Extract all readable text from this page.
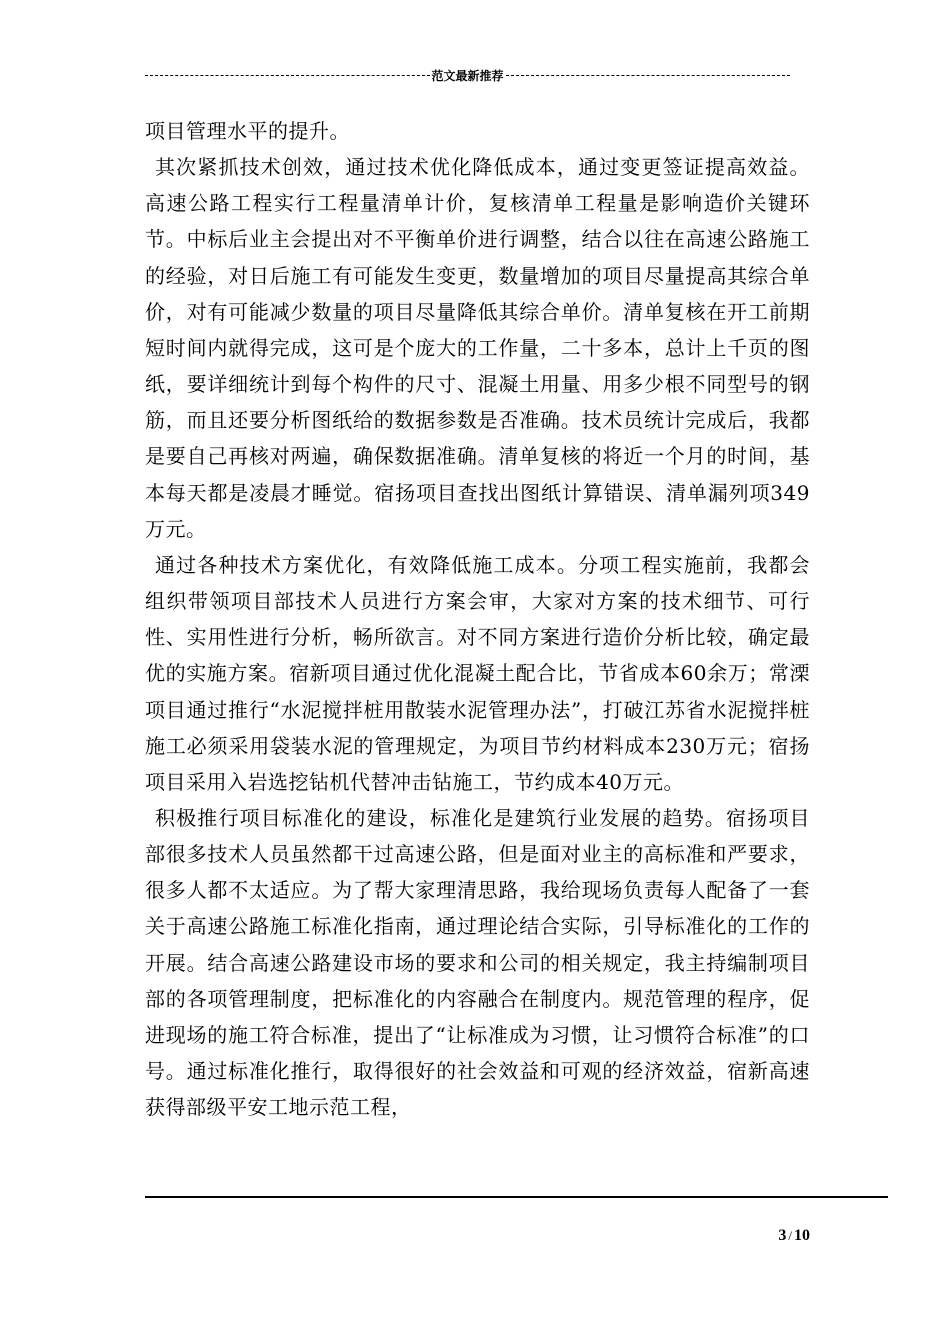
范文最新推荐

项目管理水平的提升。

其次紧抓技术创效，通过技术优化降低成本，通过变更签证提高效益。高速公路工程实行工程量清单计价，复核清单工程量是影响造价关键环节。中标后业主会提出对不平衡单价进行调整，结合以往在高速公路施工的经验，对日后施工有可能发生变更，数量增加的项目尽量提高其综合单价，对有可能减少数量的项目尽量降低其综合单价。清单复核在开工前期短时间内就得完成，这可是个庞大的工作量，二十多本，总计上千页的图纸，要详细统计到每个构件的尺寸、混凝土用量、用多少根不同型号的钢筋，而且还要分析图纸给的数据参数是否准确。技术员统计完成后，我都是要自己再核对两遍，确保数据准确。清单复核的将近一个月的时间，基本每天都是凌晨才睡觉。宿扬项目查找出图纸计算错误、清单漏列项349万元。

通过各种技术方案优化，有效降低施工成本。分项工程实施前，我都会组织带领项目部技术人员进行方案会审，大家对方案的技术细节、可行性、实用性进行分析，畅所欲言。对不同方案进行造价分析比较，确定最优的实施方案。宿新项目通过优化混凝土配合比，节省成本60余万；常溧项目通过推行“水泥搅拌桩用散装水泥管理办法”，打破江苏省水泥搅拌桩施工必须采用袋装水泥的管理规定，为项目节约材料成本230万元；宿扬项目采用入岩选挖钻机代替冲击钻施工，节约成本40万元。

积极推行项目标准化的建设，标准化是建筑行业发展的趋势。宿扬项目部很多技术人员虽然都干过高速公路，但是面对业主的高标准和严要求，很多人都不太适应。为了帮大家理清思路，我给现场负责每人配备了一套关于高速公路施工标准化指南，通过理论结合实际，引导标准化的工作的开展。结合高速公路建设市场的要求和公司的相关规定，我主持编制项目部的各项管理制度，把标准化的内容融合在制度内。规范管理的程序，促进现场的施工符合标准，提出了“让标准成为习惯，让习惯符合标准”的口号。通过标准化推行，取得很好的社会效益和可观的经济效益，宿新高速获得部级平安工地示范工程，

3 / 10
